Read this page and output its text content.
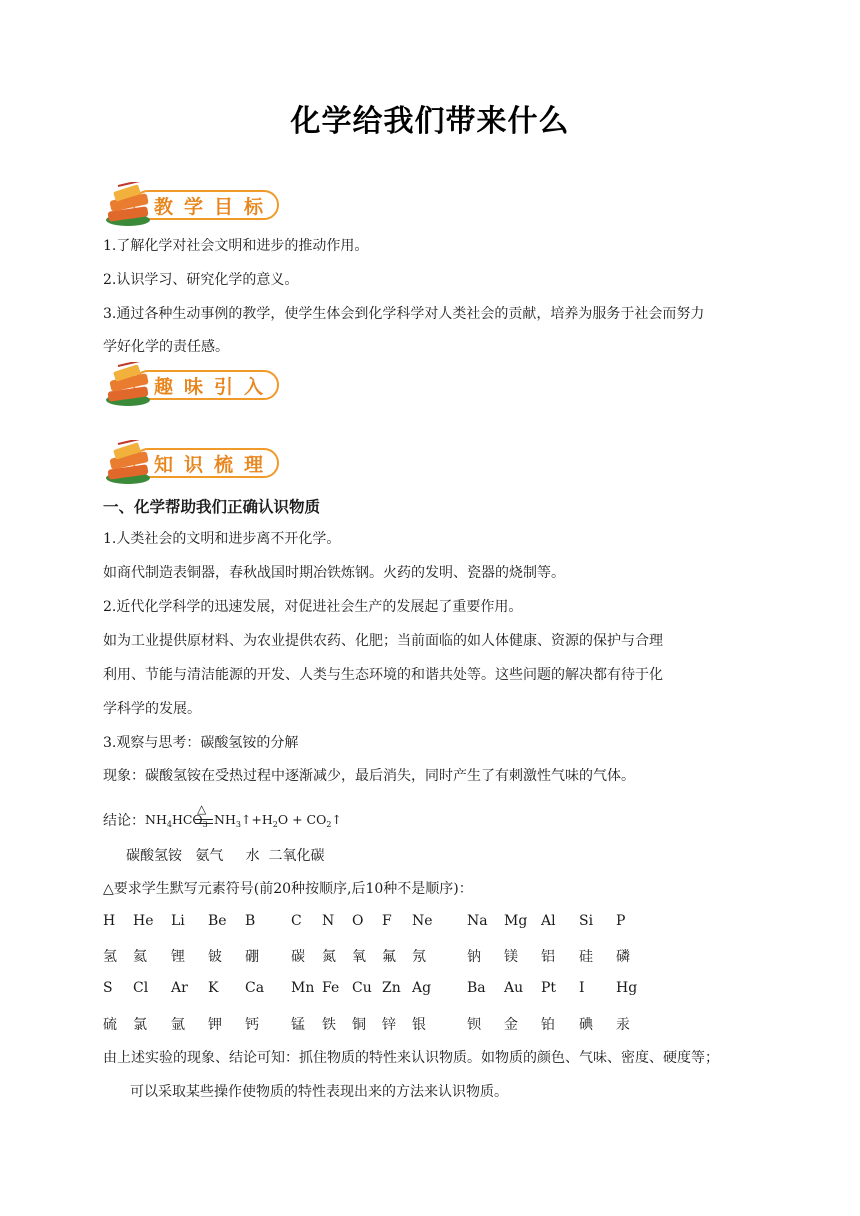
化学给我们带来什么
教学目标
1.了解化学对社会文明和进步的推动作用。
2.认识学习、研究化学的意义。
3.通过各种生动事例的教学，使学生体会到化学科学对人类社会的贡献，培养为服务于社会而努力
学好化学的责任感。
趣味引入
知识梳理
一、化学帮助我们正确认识物质
1.人类社会的文明和进步离不开化学。
如商代制造表铜器，春秋战国时期冶铁炼钢。火药的发明、瓷器的烧制等。
2.近代化学科学的迅速发展，对促进社会生产的发展起了重要作用。
如为工业提供原材料、为农业提供农药、化肥；当前面临的如人体健康、资源的保护与合理
利用、节能与清洁能源的开发、人类与生态环境的和谐共处等。这些问题的解决都有待于化
学科学的发展。
3.观察与思考：碳酸氢铵的分解
现象：碳酸氢铵在受热过程中逐渐减少，最后消失，同时产生了有刺激性气味的气体。
结论： $NH_4HCO_3$
△
$NH_3↑+H_2O$ + $CO_2↑$
碳酸氢铵   氨气     水  二氧化碳
△要求学生默写元素符号(前20种按顺序,后10种不是顺序)：
H He Li Be B	C N O F Ne Na Mg Al Si P
氢 氦 锂 铍 硼 碳 氮 氧 氟 氖	钠 镁 铝 硅 磷
S Cl Ar K Ca Mn Fe Cu Zn Ag	Ba Au Pt I Hg
硫 氯 氩 钾 钙 锰 铁 铜 锌 银	钡 金 铂 碘 汞
由上述实验的现象、结论可知：抓住物质的特性来认识物质。如物质的颜色、气味、密度、硬度等；
可以采取某些操作使物质的特性表现出来的方法来认识物质。
